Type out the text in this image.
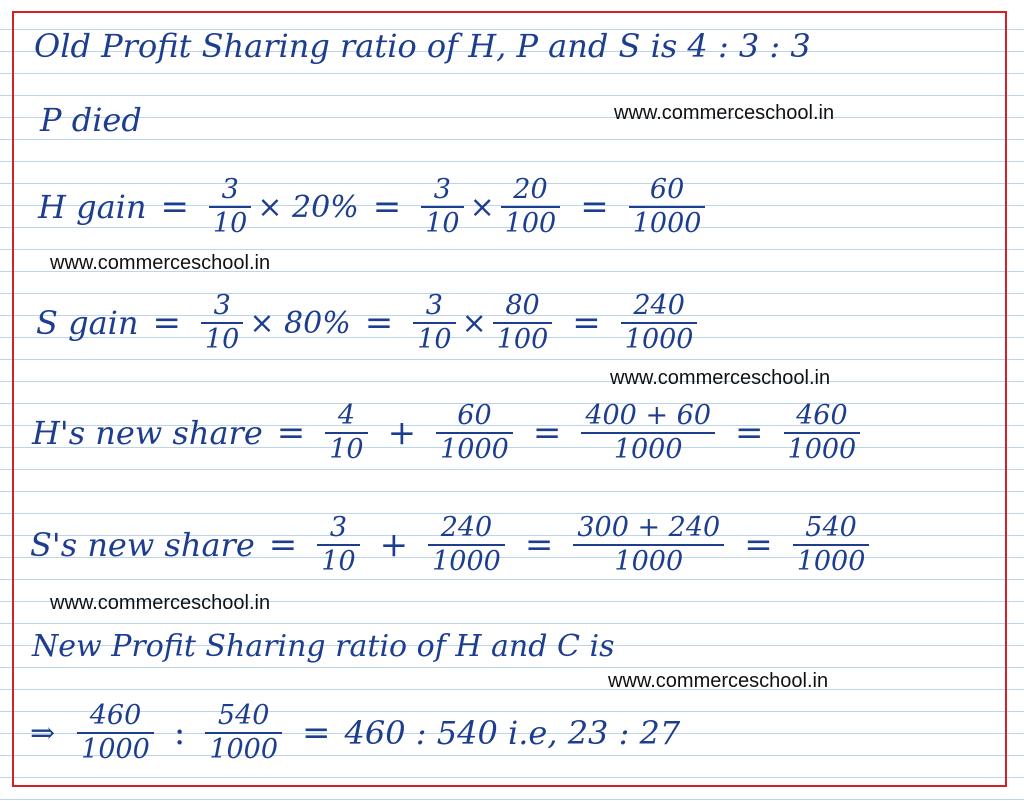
Old Profit Sharing ratio of H, P and S is 4 : 3 : 3
P died	www.commerceschool.in
H gain = $\frac{3}{10} \times 20\% = \frac{3}{10} \times \frac{20}{100} = \frac{60}{1000}$
www.commerceschool.in
S gain = $\frac{3}{10} \times 80\% = \frac{3}{10} \times \frac{80}{100} = \frac{240}{1000}$
www.commerceschool.in
H's new share = $\frac{4}{10} + \frac{60}{1000} = \frac{400 + 60}{1000} = \frac{460}{1000}$
S's new share = $\frac{3}{10} + \frac{240}{1000} = \frac{300 + 240}{1000} = \frac{540}{1000}$
www.commerceschool.in
New Profit Sharing ratio of H and C is
www.commerceschool.in
⇒ $\frac{460}{1000}$ : $\frac{540}{1000} = 460$ : 540 i.e, 23 : 27
